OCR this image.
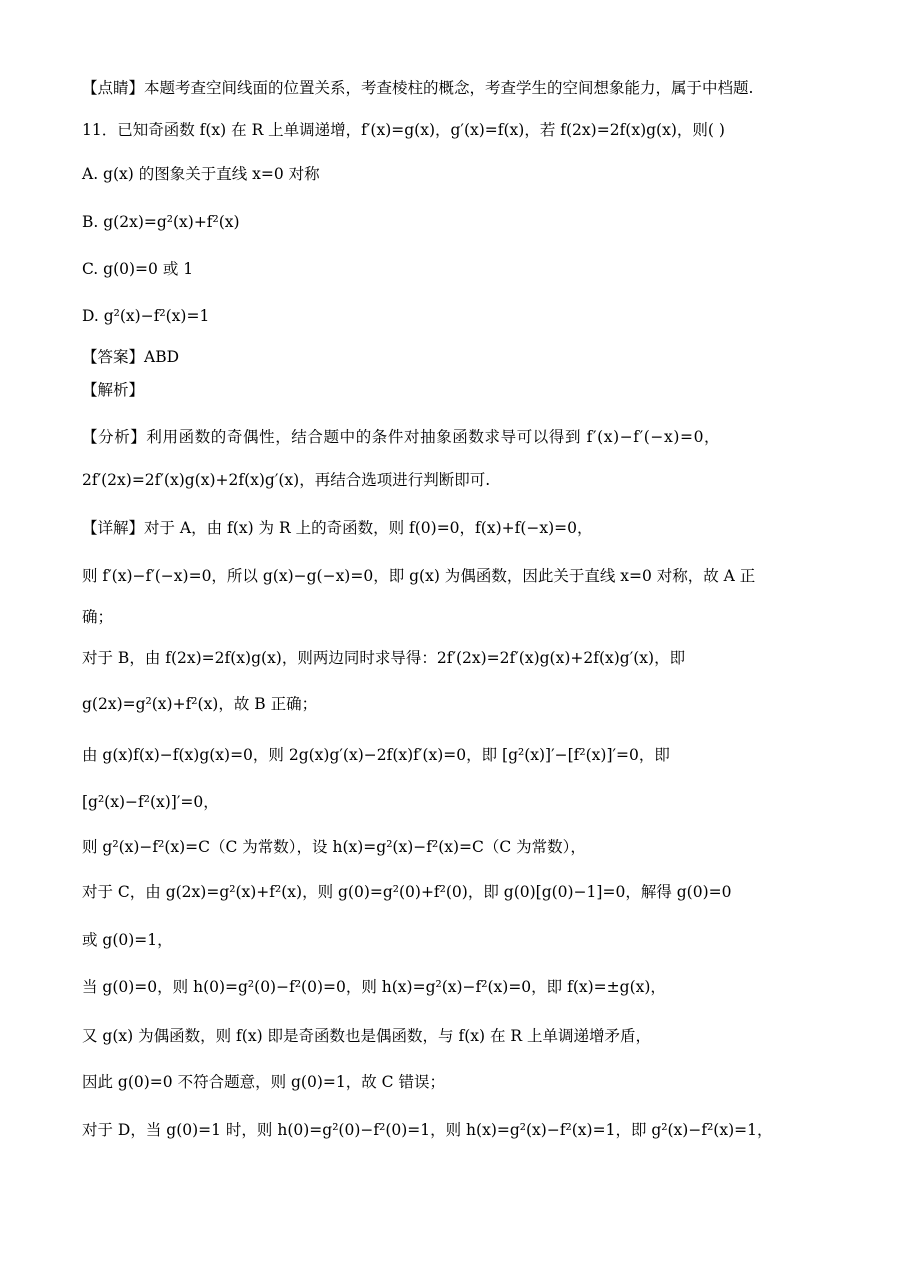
【点睛】本题考查空间线面的位置关系，考查棱柱的概念，考查学生的空间想象能力，属于中档题.
11．已知奇函数 f(x) 在 R 上单调递增，f′(x)=g(x)，g′(x)=f(x)，若 f(2x)=2f(x)g(x)，则( )
A. g(x) 的图象关于直线 x=0 对称
B. g(2x)=g²(x)+f²(x)
C. g(0)=0 或 1
D. g²(x)−f²(x)=1
【答案】ABD
【解析】
【分析】利用函数的奇偶性，结合题中的条件对抽象函数求导可以得到 f′(x)−f′(−x)=0，
2f′(2x)=2f′(x)g(x)+2f(x)g′(x)，再结合选项进行判断即可.
【详解】对于 A，由 f(x) 为 R 上的奇函数，则 f(0)=0，f(x)+f(−x)=0，
则 f′(x)−f′(−x)=0，所以 g(x)−g(−x)=0，即 g(x) 为偶函数，因此关于直线 x=0 对称，故 A 正
确；
对于 B，由 f(2x)=2f(x)g(x)，则两边同时求导得：2f′(2x)=2f′(x)g(x)+2f(x)g′(x)，即
g(2x)=g²(x)+f²(x)，故 B 正确；
由 g(x)f(x)−f(x)g(x)=0，则 2g(x)g′(x)−2f(x)f′(x)=0，即 [g²(x)]′−[f²(x)]′=0，即
[g²(x)−f²(x)]′=0，
则 g²(x)−f²(x)=C（C 为常数），设 h(x)=g²(x)−f²(x)=C（C 为常数），
对于 C，由 g(2x)=g²(x)+f²(x)，则 g(0)=g²(0)+f²(0)，即 g(0)[g(0)−1]=0，解得 g(0)=0
或 g(0)=1，
当 g(0)=0，则 h(0)=g²(0)−f²(0)=0，则 h(x)=g²(x)−f²(x)=0，即 f(x)=±g(x)，
又 g(x) 为偶函数，则 f(x) 即是奇函数也是偶函数，与 f(x) 在 R 上单调递增矛盾，
因此 g(0)=0 不符合题意，则 g(0)=1，故 C 错误；
对于 D，当 g(0)=1 时，则 h(0)=g²(0)−f²(0)=1，则 h(x)=g²(x)−f²(x)=1，即 g²(x)−f²(x)=1，
